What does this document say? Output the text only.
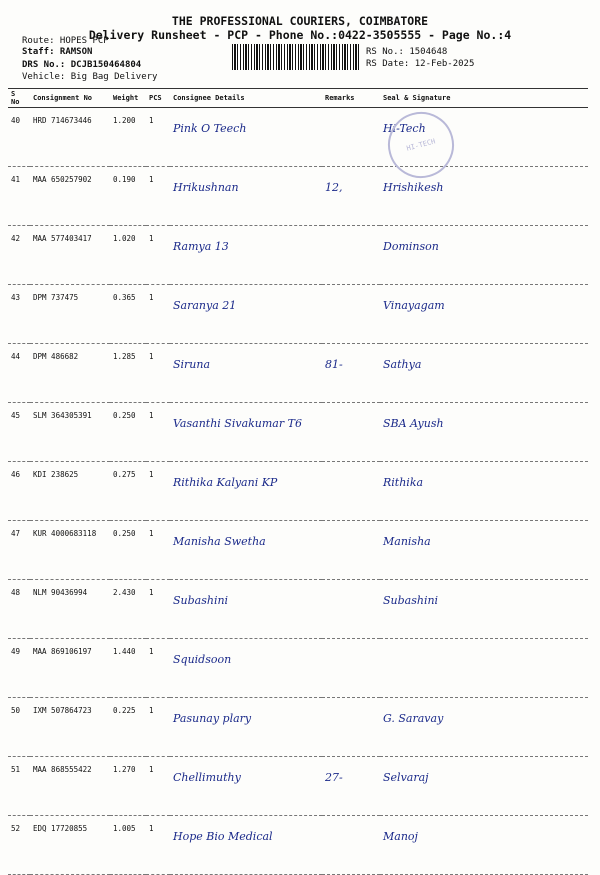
THE PROFESSIONAL COURIERS, COIMBATORE
Delivery Runsheet - PCP - Phone No.:0422-3505555 - Page No.:4
Route: HOPES PCP
Staff: RAMSON
DRS No.: DCJB150464804
Vehicle: Big Bag Delivery
RS No.: 1504648
RS Date: 12-Feb-2025
S No	Consignment No	Weight	PCS	Consignee Details	Remarks	Seal & Signature
40	HRD 714673446	1.200	1	Pink O Teech		Hi-Tech
41	MAA 650257902	0.190	1	Hrikushnan	12,	Hrishikesh
42	MAA 577403417	1.020	1	Ramya 13		Dominson
43	DPM 737475	0.365	1	Saranya 21		Vinayagam
44	DPM 486682	1.285	1	Siruna	81-	Sathya
45	SLM 364305391	0.250	1	Vasanthi Sivakumar T6		SBA Ayush
46	KDI 238625	0.275	1	Rithika Kalyani KP		Rithika
47	KUR 4000683118	0.250	1	Manisha Swetha		Manisha
48	NLM 90436994	2.430	1	Subashini		Subashini
49	MAA 869106197	1.440	1	Squidsoon		
50	IXM 507864723	0.225	1	Pasunay plary		G. Saravay
51	MAA 868555422	1.270	1	Chellimuthy	27-	Selvaraj
52	EDQ 17720855	1.005	1	Hope Bio Medical		Manoj
HI-TECH
